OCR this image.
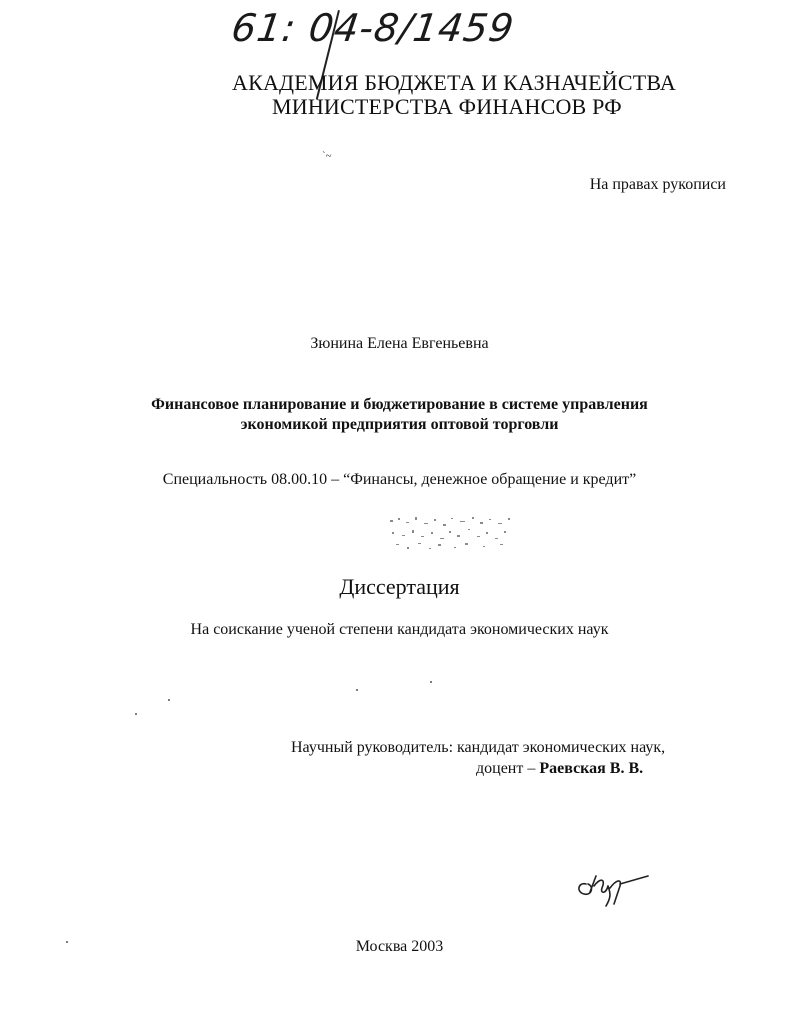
61: 04-8/1459
АКАДЕМИЯ БЮДЖЕТА И КАЗНАЧЕЙСТВА
МИНИСТЕРСТВА ФИНАНСОВ РФ
`~
На правах рукописи
Зюнина Елена Евгеньевна
Финансовое планирование и бюджетирование в системе управления
экономикой предприятия оптовой торговли
Специальность 08.00.10 – “Финансы, денежное обращение и кредит”
Диссертация
На соискание ученой степени кандидата экономических наук
Научный руководитель: кандидат экономических наук,
доцент – Раевская В. В.
Москва 2003
